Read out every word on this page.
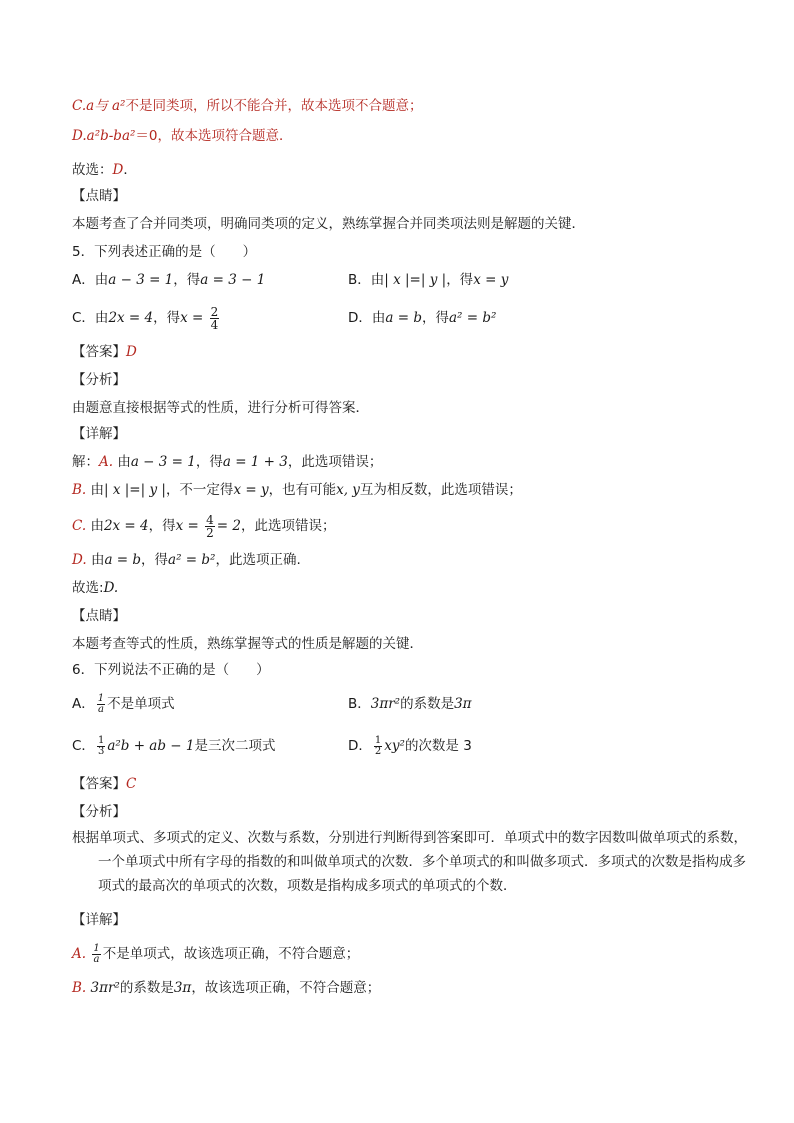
C.a与 a²不是同类项，所以不能合并，故本选项不合题意；
D.a²b-ba²＝0，故本选项符合题意．
故选：D．
【点睛】
本题考查了合并同类项，明确同类项的定义，熟练掌握合并同类项法则是解题的关键．
5．下列表述正确的是（　　）
A．由a − 3 = 1，得a = 3 − 1	B．由| x |=| y |，得x = y
C．由2x = 4，得$x = \frac{2}{4}$	D．由a = b，得a² = b²
【答案】D
【分析】
由题意直接根据等式的性质，进行分析可得答案．
【详解】
解：A. 由a − 3 = 1，得a = 1 + 3，此选项错误；
B. 由| x |=| y |，不一定得x = y，也有可能x, y互为相反数，此选项错误；
C. 由2x = 4，得$x = \frac{4}{2} = 2$，此选项错误；
D. 由a = b，得a² = b²，此选项正确.
故选:D.
【点睛】
本题考查等式的性质，熟练掌握等式的性质是解题的关键．
6．下列说法不正确的是（　　）
A． $\frac{1}{a}$ 不是单项式	B．3πr²的系数是3π
C． $\frac{1}{3} a^2b$ + ab − 1是三次二项式	D． $\frac{1}{2} xy^2$的次数是 3
【答案】C
【分析】
根据单项式、多项式的定义、次数与系数，分别进行判断得到答案即可．单项式中的数字因数叫做单项式的系数，一个单项式中所有字母的指数的和叫做单项式的次数．多个单项式的和叫做多项式．多项式的次数是指构成多项式的最高次的单项式的次数，项数是指构成多项式的单项式的个数．
【详解】
A. $\frac{1}{a}$ 不是单项式，故该选项正确，不符合题意；
B. 3πr²的系数是3π，故该选项正确，不符合题意；
